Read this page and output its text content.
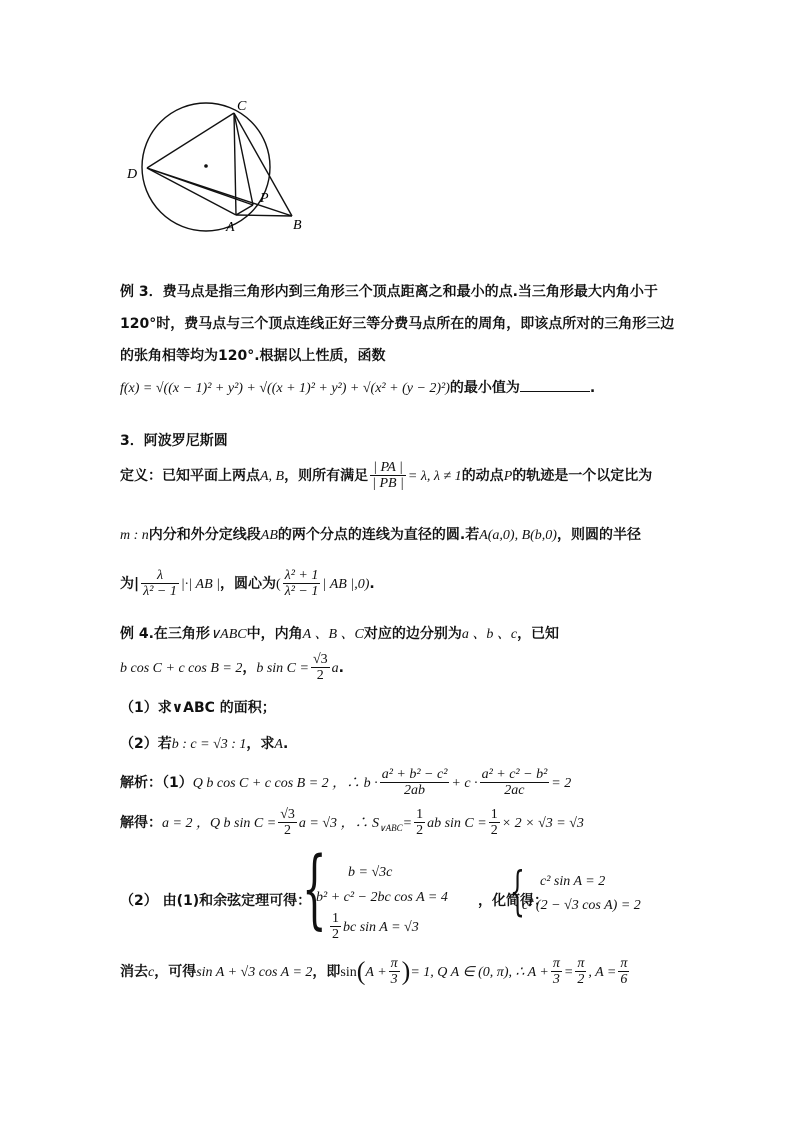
C
D
P
A	B
例 3．费马点是指三角形内到三角形三个顶点距离之和最小的点.当三角形最大内角小于
120°时，费马点与三个顶点连线正好三等分费马点所在的周角，即该点所对的三角形三边
的张角相等均为120°.根据以上性质，函数
f(x) = √((x − 1)² + y²) + √((x + 1)² + y²) + √(x² + (y − 2)²)的最小值为	.
3．阿波罗尼斯圆
定义：已知平面上两点A, B，则所有满足 $\frac{| PA |}{| PB |} = \lambda$, λ ≠ 1的动点P的轨迹是一个以定比为
m : n内分和外分定线段AB的两个分点的连线为直径的圆.若A(a,0), B(b,0)，则圆的半径
为| $\frac{\lambda}{\text{λ² − 1}}$ |·| AB |，圆心为( $\frac{\text{λ² + 1}}{\text{λ² − 1}}$ | AB |,0).
例 4.在三角形∨ABC中，内角A 、B 、C对应的边分别为a 、b 、c，已知
b cos C + c cos B = 2，b $\sin C = \frac{√3}{2} a$.
（1）求∨ABC 的面积；
（2）若b : c = √3 : 1，求A.
解析：（1）Q b cos C + c cos B = 2 ，∴ $b \cdot \frac{\text{a² + b² − c²}}{2ab} + c \cdot \frac{\text{a² + c² − b²}}{2ac} = 2$
解得：a = 2 ，Q b $\sin C = \frac{√3}{2}$ a = √3 ，∴ $S_{\vee ABC}= \frac{1}{2}$ ab $\sin C = \frac{1}{2} \times 2 \times √3 = √3$
（2） 由(1)和余弦定理可得：
{ b = √3c
b² + c² − 2bc cos A = 4
$\frac{1}{2}$ bc sin A = √3
，化简得：
{ c² sin A = 2
c² (2 − √3 cos A) = 2
消去c，可得sin A + √3 cos A = 2，即$\sin(A + \frac{\pi}{3}$ )= 1, Q A ∈ (0, π), ∴ $A + \frac{\pi}{3} = \frac{\pi}{2}$ , $A = \frac{\pi}{6}$
